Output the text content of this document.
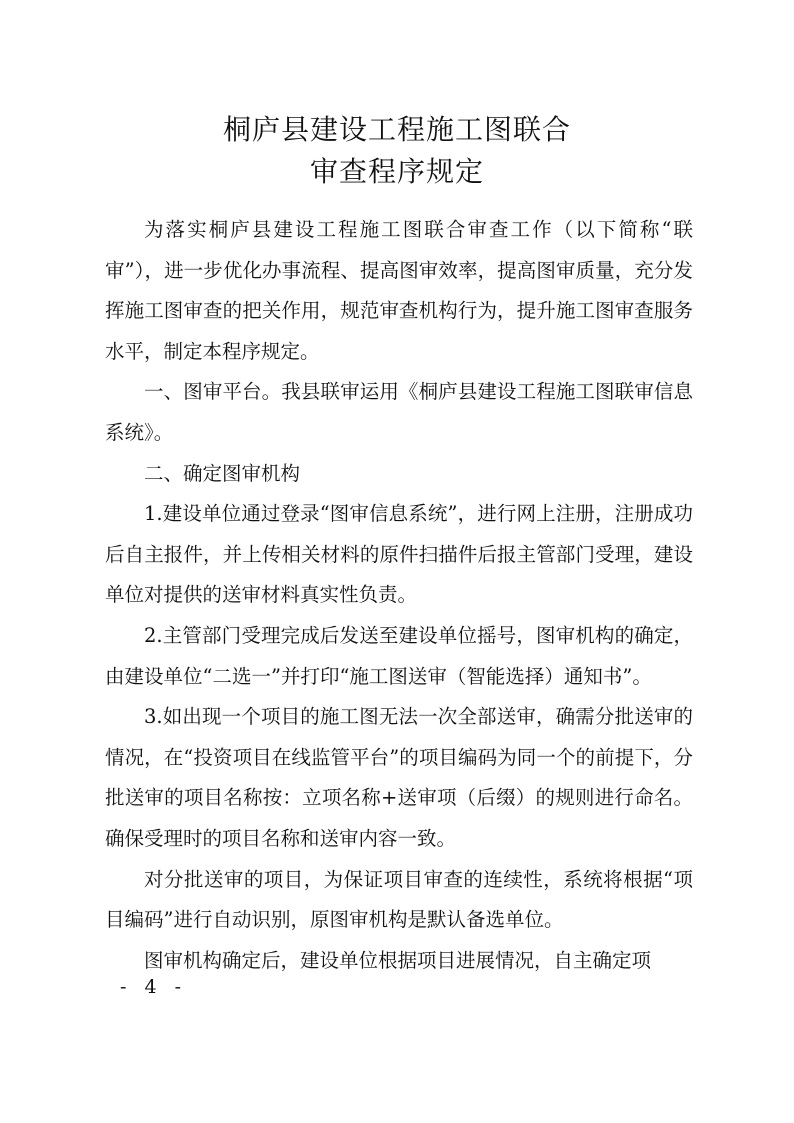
桐庐县建设工程施工图联合
审查程序规定

为落实桐庐县建设工程施工图联合审查工作（以下简称“联审”），进一步优化办事流程、提高图审效率，提高图审质量，充分发挥施工图审查的把关作用，规范审查机构行为，提升施工图审查服务水平，制定本程序规定。

一、图审平台。我县联审运用《桐庐县建设工程施工图联审信息系统》。

二、确定图审机构

1.建设单位通过登录“图审信息系统”，进行网上注册，注册成功后自主报件，并上传相关材料的原件扫描件后报主管部门受理，建设单位对提供的送审材料真实性负责。

2.主管部门受理完成后发送至建设单位摇号，图审机构的确定，由建设单位“二选一”并打印“施工图送审（智能选择）通知书”。

3.如出现一个项目的施工图无法一次全部送审，确需分批送审的情况，在“投资项目在线监管平台”的项目编码为同一个的前提下，分批送审的项目名称按：立项名称+送审项（后缀）的规则进行命名。确保受理时的项目名称和送审内容一致。

对分批送审的项目，为保证项目审查的连续性，系统将根据“项目编码”进行自动识别，原图审机构是默认备选单位。

图审机构确定后，建设单位根据项目进展情况，自主确定项

- 4 -
